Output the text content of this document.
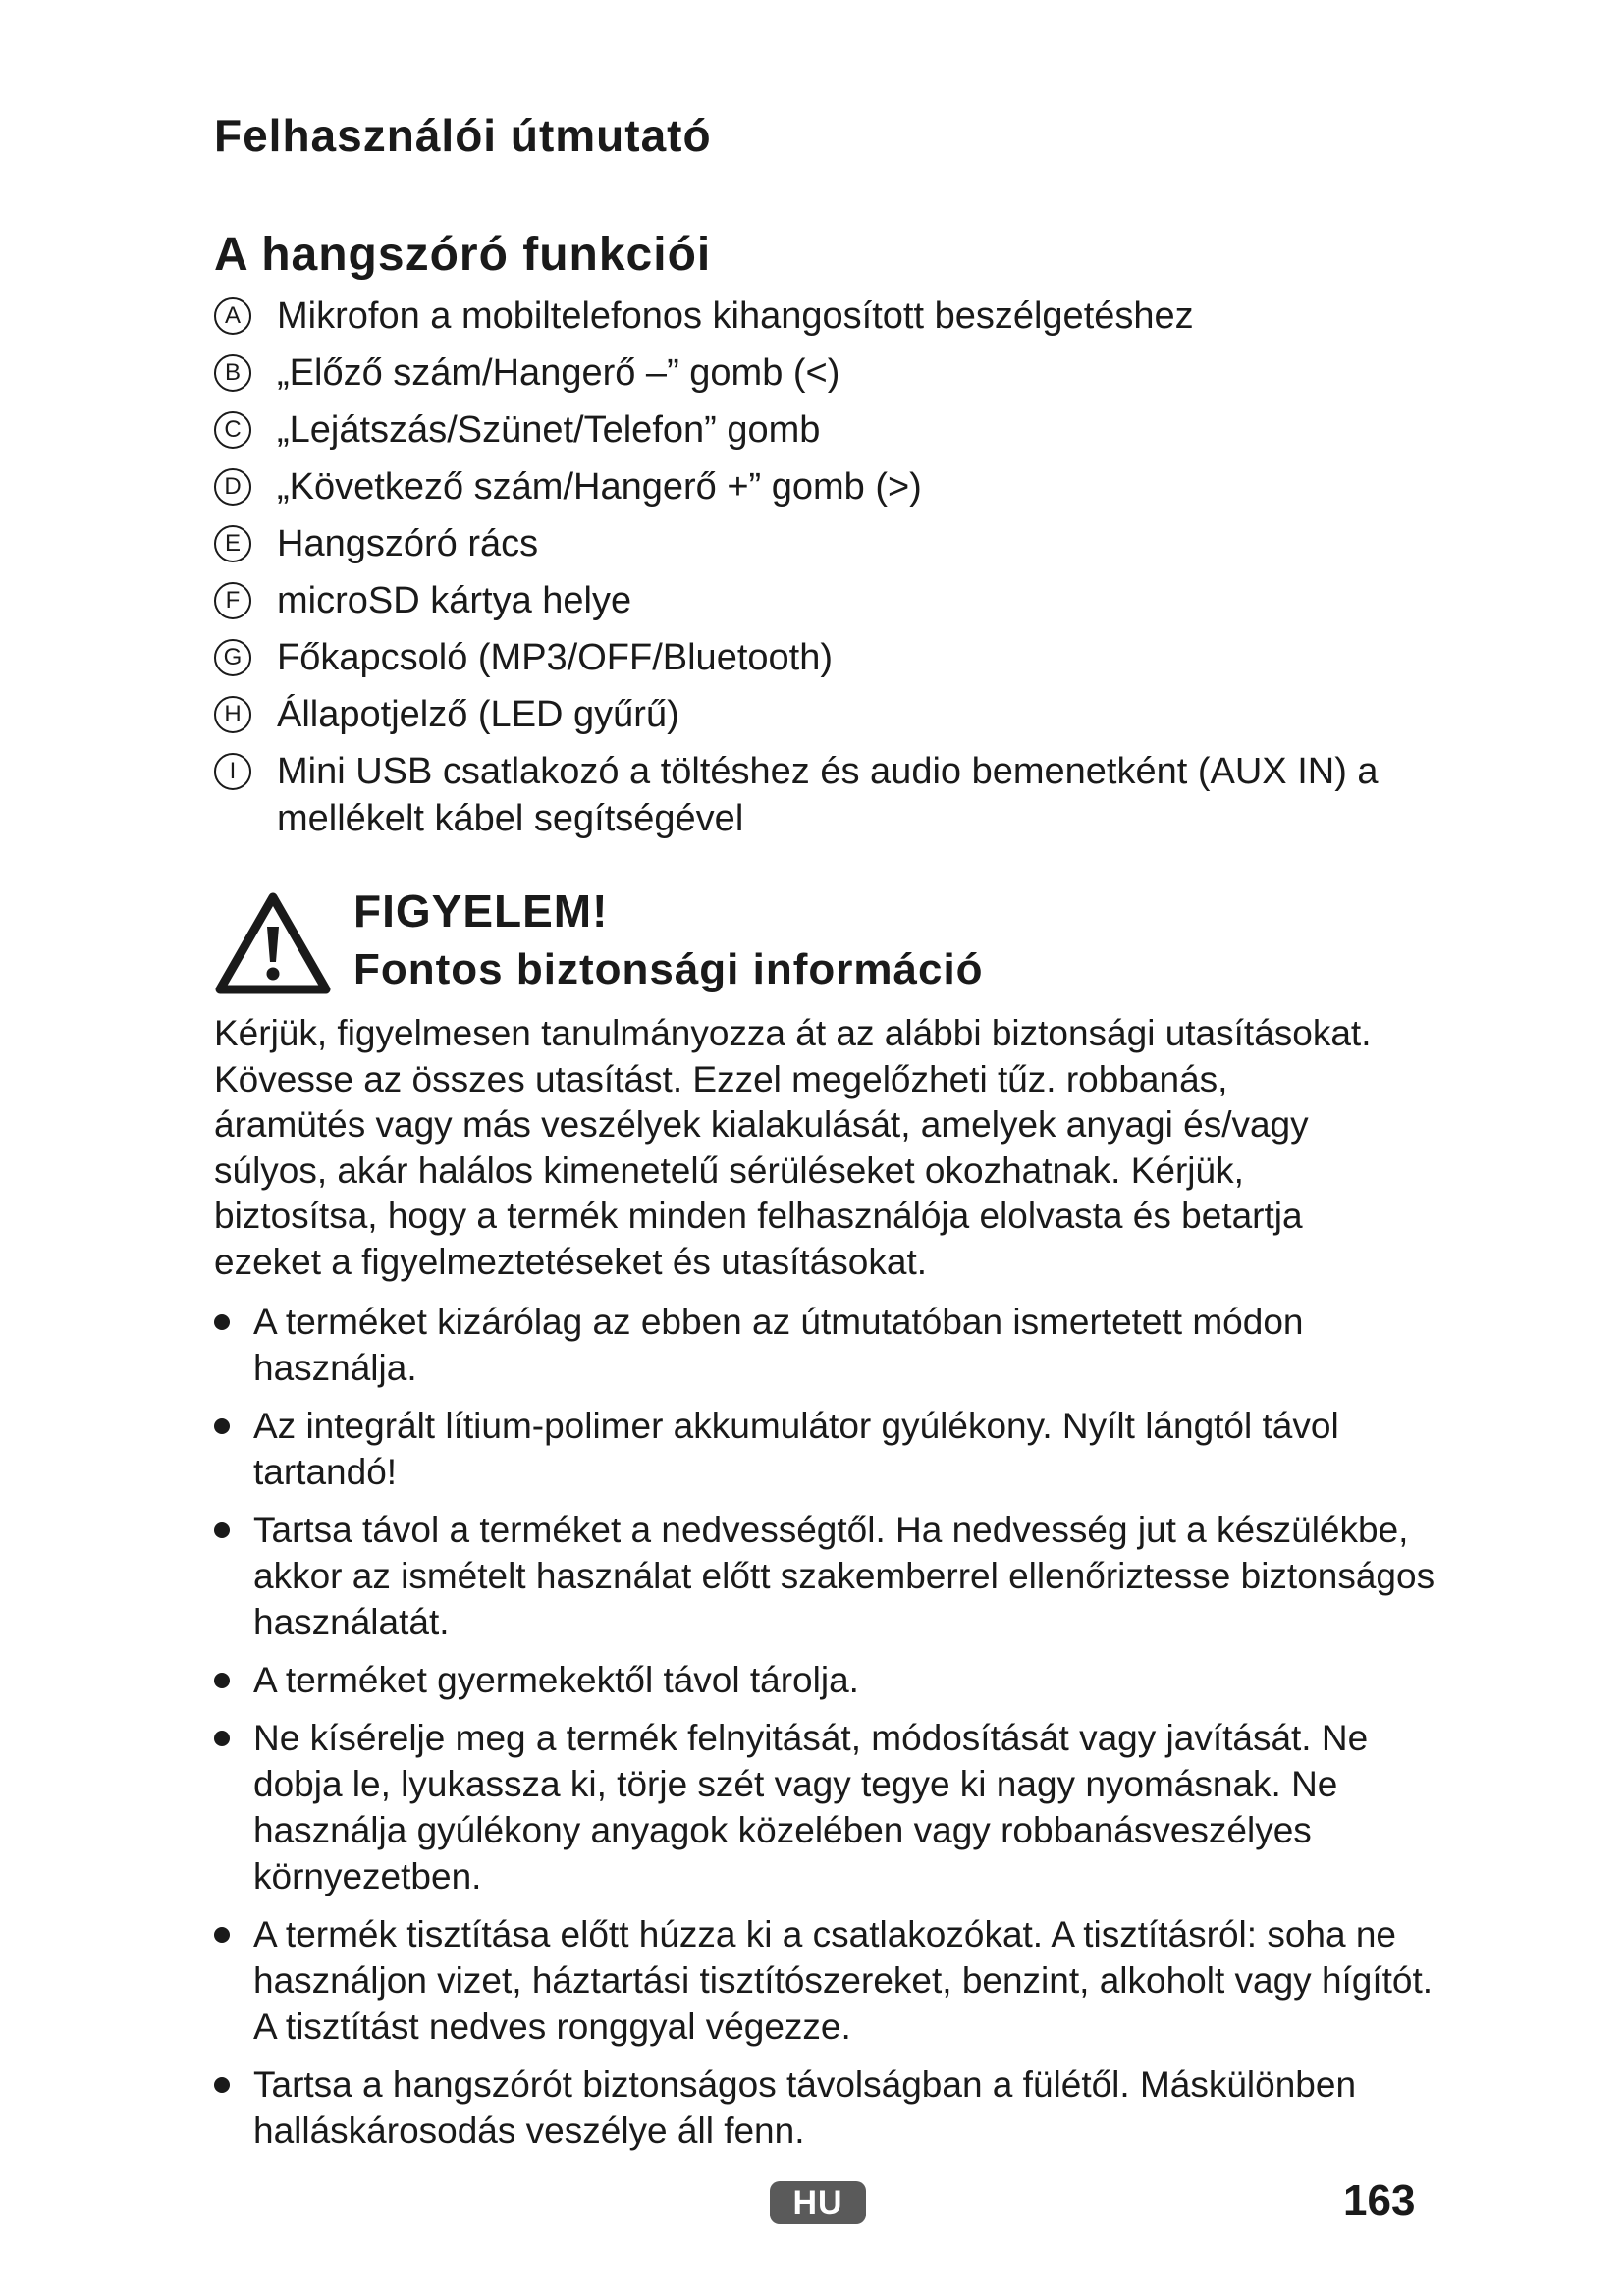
Felhasználói útmutató
A hangszóró funkciói
A Mikrofon a mobiltelefonos kihangosított beszélgetéshez
B „Előző szám/Hangerő –” gomb (<)
C „Lejátszás/Szünet/Telefon” gomb
D „Következő szám/Hangerő +” gomb (>)
E Hangszóró rács
F microSD kártya helye
G Főkapcsoló (MP3/OFF/Bluetooth)
H Állapotjelző (LED gyűrű)
I	Mini USB csatlakozó a töltéshez és audio bemenetként (AUX IN) a mellékelt kábel segítségével
FIGYELEM!
Fontos biztonsági információ

Kérjük, figyelmesen tanulmányozza át az alábbi biztonsági utasításokat. Kövesse az összes utasítást. Ezzel megelőzheti tűz. robbanás, áramütés vagy más veszélyek kialakulását, amelyek anyagi és/vagy súlyos, akár halálos kimenetelű sérüléseket okozhatnak. Kérjük, biztosítsa, hogy a termék minden felhasználója elolvasta és betartja ezeket a figyelmeztetéseket és utasításokat.

A terméket kizárólag az ebben az útmutatóban ismertetett módon használja.
Az integrált lítium-polimer akkumulátor gyúlékony. Nyílt lángtól távol tartandó!
Tartsa távol a terméket a nedvességtől. Ha nedvesség jut a készülékbe, akkor az ismételt használat előtt szakemberrel ellenőriztesse biztonságos használatát.
A terméket gyermekektől távol tárolja.
Ne kísérelje meg a termék felnyitását, módosítását vagy javítását. Ne dobja le, lyukassza ki, törje szét vagy tegye ki nagy nyomásnak. Ne használja gyúlékony anyagok közelében vagy robbanásveszélyes környezetben.
A termék tisztítása előtt húzza ki a csatlakozókat. A tisztításról: soha ne használjon vizet, háztartási tisztítószereket, benzint, alkoholt vagy hígítót. A tisztítást nedves ronggyal végezze.
Tartsa a hangszórót biztonságos távolságban a fülétől. Máskülönben halláskárosodás veszélye áll fenn.
HU	163
